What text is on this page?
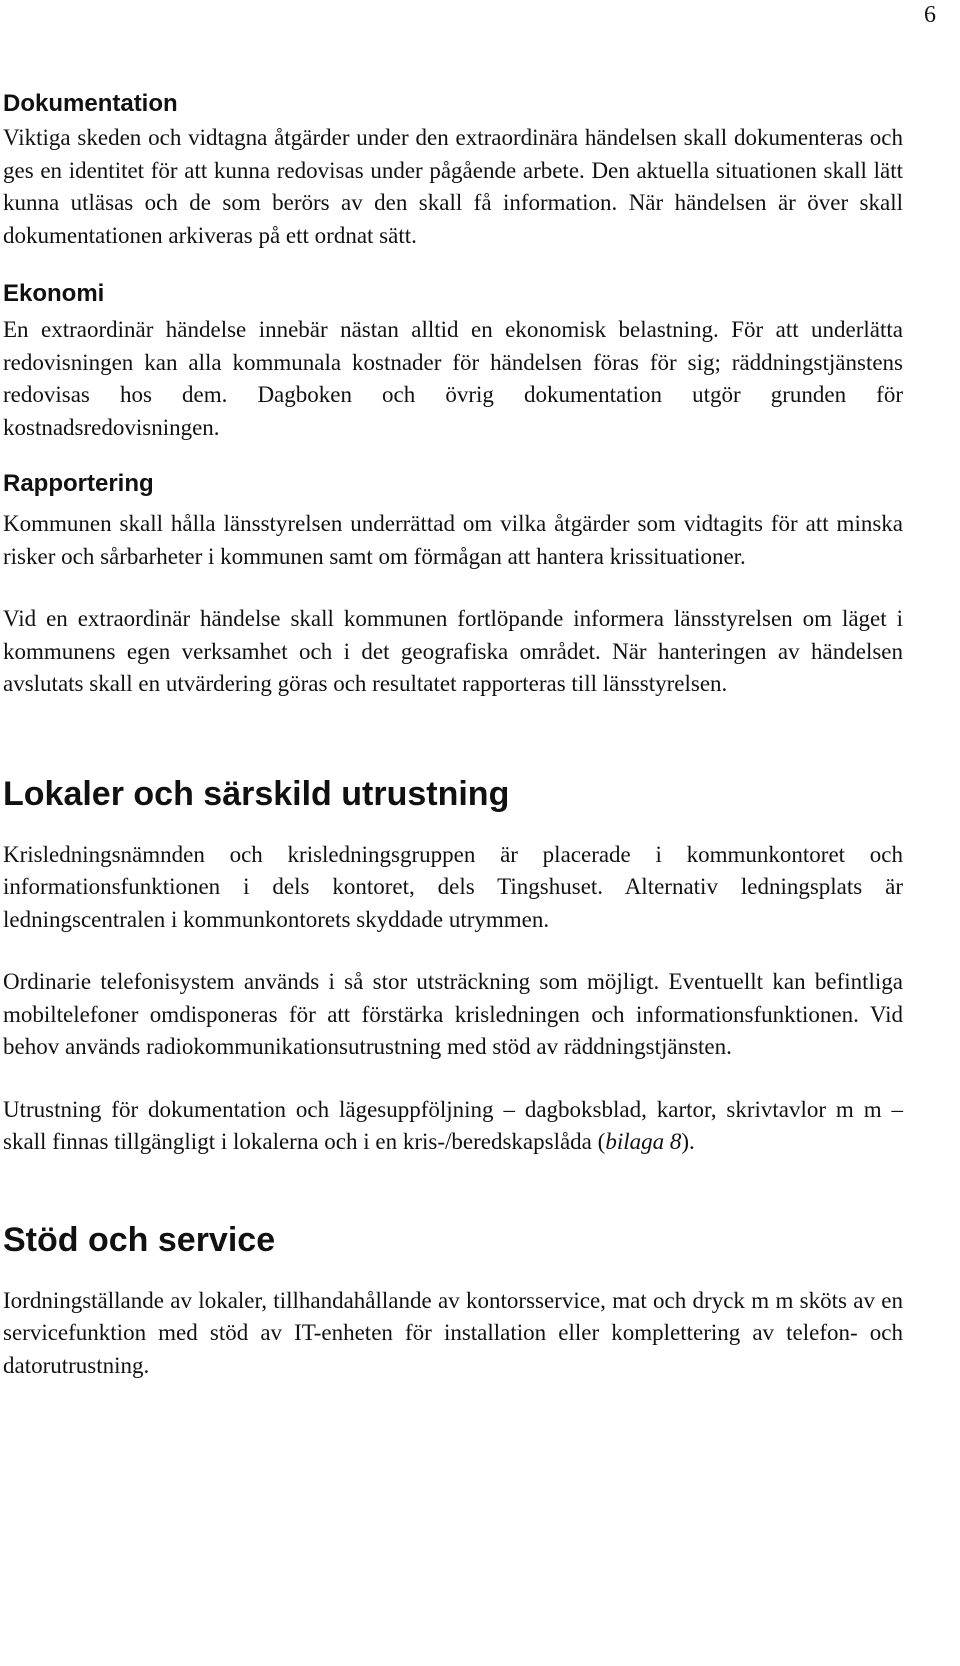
6
Dokumentation

Viktiga skeden och vidtagna åtgärder under den extraordinära händelsen skall dokumenteras och ges en identitet för att kunna redovisas under pågående arbete. Den aktuella situationen skall lätt kunna utläsas och de som berörs av den skall få information. När händelsen är över skall dokumentationen arkiveras på ett ordnat sätt.

Ekonomi

En extraordinär händelse innebär nästan alltid en ekonomisk belastning. För att underlätta redovisningen kan alla kommunala kostnader för händelsen föras för sig; räddningstjänstens redovisas hos dem. Dagboken och övrig dokumentation utgör grunden för kostnadsredovisningen.

Rapportering

Kommunen skall hålla länsstyrelsen underrättad om vilka åtgärder som vidtagits för att minska risker och sårbarheter i kommunen samt om förmågan att hantera krissituationer.

Vid en extraordinär händelse skall kommunen fortlöpande informera länsstyrelsen om läget i kommunens egen verksamhet och i det geografiska området. När hanteringen av händelsen avslutats skall en utvärdering göras och resultatet rapporteras till länsstyrelsen.

Lokaler och särskild utrustning

Krisledningsnämnden och krisledningsgruppen är placerade i kommunkontoret och informationsfunktionen i dels kontoret, dels Tingshuset. Alternativ ledningsplats är ledningscentralen i kommunkontorets skyddade utrymmen.

Ordinarie telefonisystem används i så stor utsträckning som möjligt. Eventuellt kan befintliga mobiltelefoner omdisponeras för att förstärka krisledningen och informationsfunktionen. Vid behov används radiokommunikationsutrustning med stöd av räddningstjänsten.

Utrustning för dokumentation och lägesuppföljning – dagboksblad, kartor, skrivtavlor m m – skall finnas tillgängligt i lokalerna och i en kris-/beredskapslåda (bilaga 8).

Stöd och service

Iordningställande av lokaler, tillhandahållande av kontorsservice, mat och dryck m m sköts av en servicefunktion med stöd av IT-enheten för installation eller komplettering av telefon- och datorutrustning.
